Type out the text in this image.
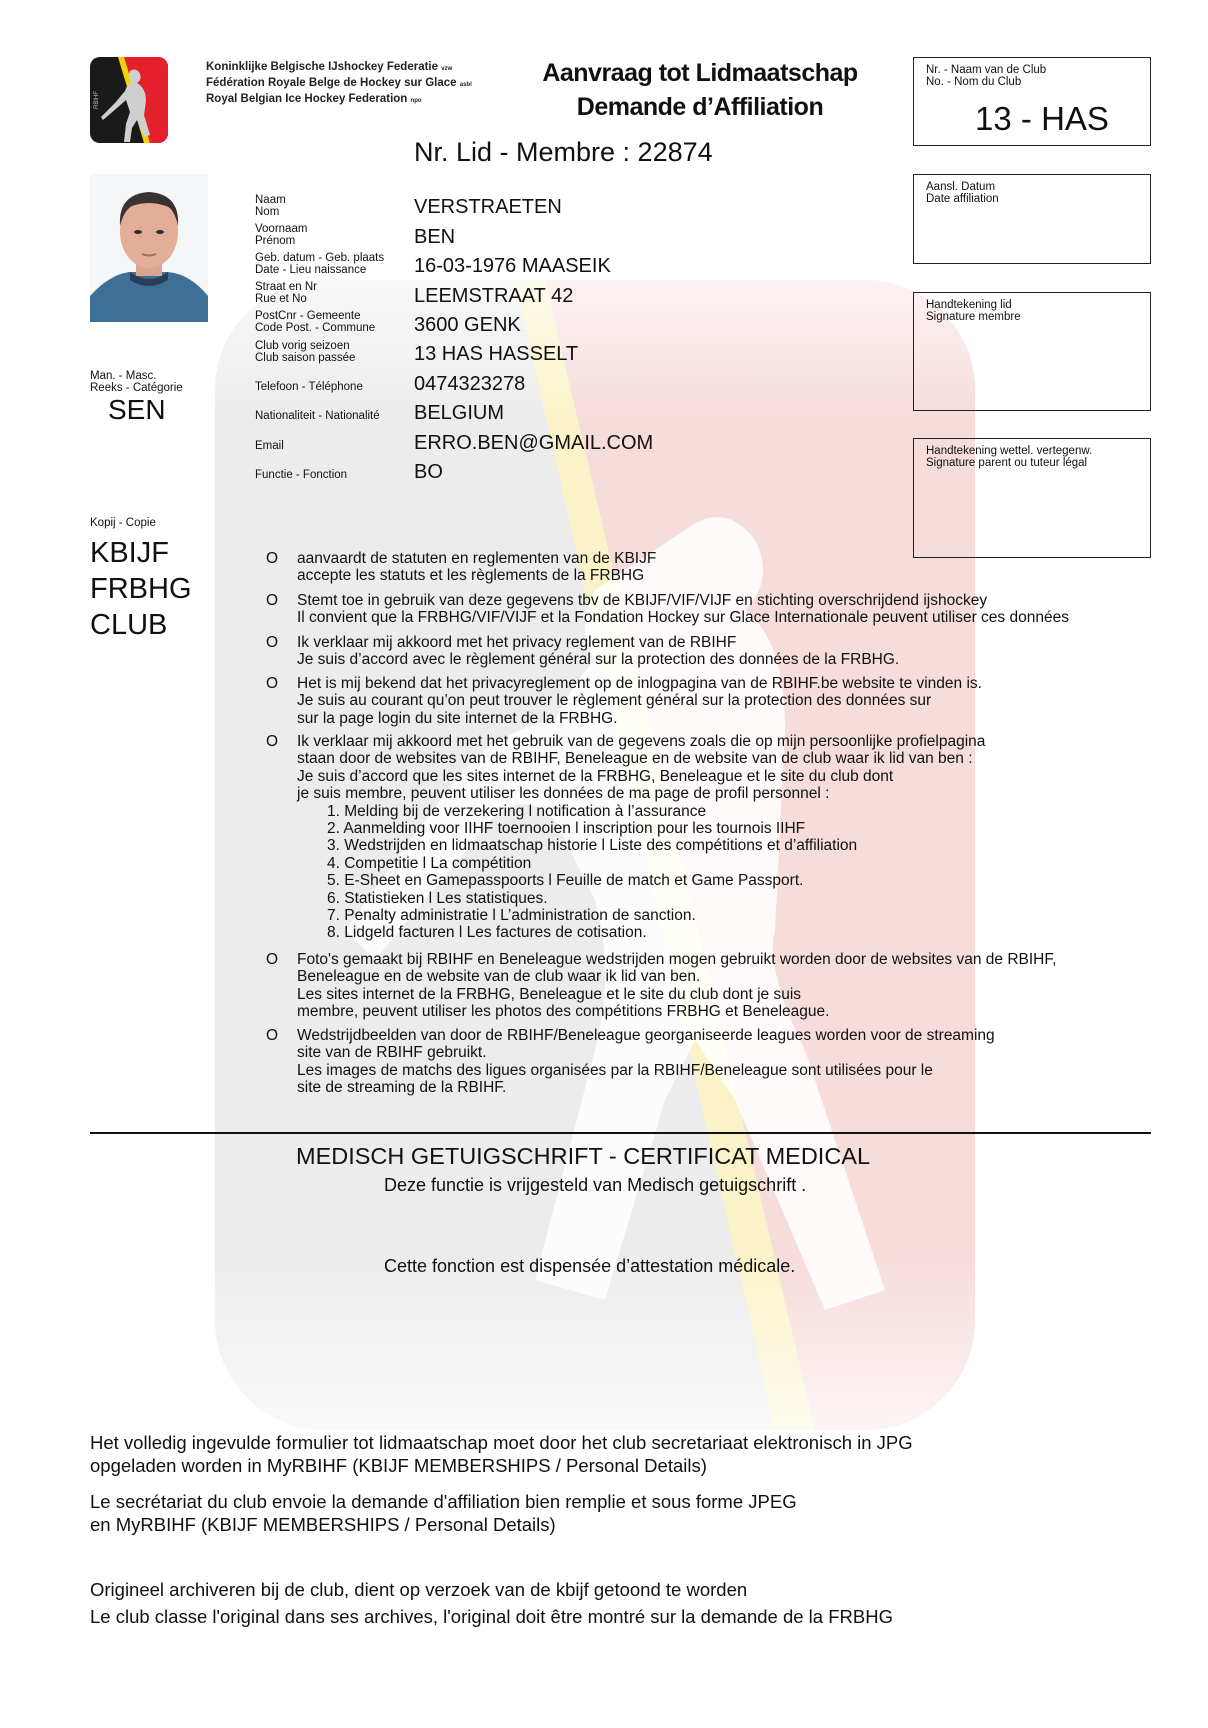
RBIHF
Koninklijke Belgische IJshockey Federatie vzw
Fédération Royale Belge de Hockey sur Glace asbl
Royal Belgian Ice Hockey Federation npo
Aanvraag tot Lidmaatschap
Demande d’Affiliation
Nr. - Naam van de Club
No. - Nom du Club
13 - HAS
Nr. Lid - Membre : 22874
Naam
Nom	VERSTRAETEN
Voornaam
Prénom	BEN
Geb. datum - Geb. plaats
Date - Lieu naissance	16-03-1976 MAASEIK
Straat en Nr
Rue et No	LEEMSTRAAT 42
PostCnr - Gemeente
Code Post. - Commune 3600 GENK
Club vorig seizoen
Club saison passée	13 HAS HASSELT
Telefoon - Téléphone	0474323278
Nationaliteit - Nationalité BELGIUM
Email	ERRO.BEN@GMAIL.COM
Functie - Fonction	BO
Aansl. Datum
Date affiliation
Handtekening lid
Signature membre
Handtekening wettel. vertegenw.
Signature parent ou tuteur légal
Man. - Masc.
Reeks - Catégorie
SEN
Kopij - Copie
KBIJF
FRBHG
CLUB
O aanvaardt de statuten en reglementen van de KBIJF
accepte les statuts et les règlements de la FRBHG
O Stemt toe in gebruik van deze gegevens tbv de KBIJF/VIF/VIJF en stichting overschrijdend ijshockey
Il convient que la FRBHG/VIF/VIJF et la Fondation Hockey sur Glace Internationale peuvent utiliser ces données
O Ik verklaar mij akkoord met het privacy reglement van de RBIHF
Je suis d’accord avec le règlement général sur la protection des données de la FRBHG.
O Het is mij bekend dat het privacyreglement op de inlogpagina van de RBIHF.be website te vinden is.
Je suis au courant qu’on peut trouver le règlement général sur la protection des données sur
sur la page login du site internet de la FRBHG.
O Ik verklaar mij akkoord met het gebruik van de gegevens zoals die op mijn persoonlijke profielpagina
staan door de websites van de RBIHF, Beneleague en de website van de club waar ik lid van ben :
Je suis d’accord que les sites internet de la FRBHG, Beneleague et le site du club dont
je suis membre, peuvent utiliser les données de ma page de profil personnel :
1. Melding bij de verzekering l notification à l’assurance
2. Aanmelding voor IIHF toernooien l inscription pour les tournois IIHF
3. Wedstrijden en lidmaatschap historie l Liste des compétitions et d’affiliation
4. Competitie l La compétition
5. E-Sheet en Gamepasspoorts l Feuille de match et Game Passport.
6. Statistieken l Les statistiques.
7. Penalty administratie l L’administration de sanction.
8. Lidgeld facturen l Les factures de cotisation.
O Foto's gemaakt bij RBIHF en Beneleague wedstrijden mogen gebruikt worden door de websites van de RBIHF,
Beneleague en de website van de club waar ik lid van ben.
Les sites internet de la FRBHG, Beneleague et le site du club dont je suis
membre, peuvent utiliser les photos des compétitions FRBHG et Beneleague.
O Wedstrijdbeelden van door de RBIHF/Beneleague georganiseerde leagues worden voor de streaming
site van de RBIHF gebruikt.
Les images de matchs des ligues organisées par la RBIHF/Beneleague sont utilisées pour le
site de streaming de la RBIHF.
MEDISCH GETUIGSCHRIFT - CERTIFICAT MEDICAL
Deze functie is vrijgesteld van Medisch getuigschrift .
Cette fonction est dispensée d’attestation médicale.
Het volledig ingevulde formulier tot lidmaatschap moet door het club secretariaat elektronisch in JPG
opgeladen worden in MyRBIHF (KBIJF MEMBERSHIPS / Personal Details)
Le secrétariat du club envoie la demande d'affiliation bien remplie et sous forme JPEG
en MyRBIHF (KBIJF MEMBERSHIPS / Personal Details)
Origineel archiveren bij de club, dient op verzoek van de kbijf getoond te worden
Le club classe l'original dans ses archives, l'original doit être montré sur la demande de la FRBHG
